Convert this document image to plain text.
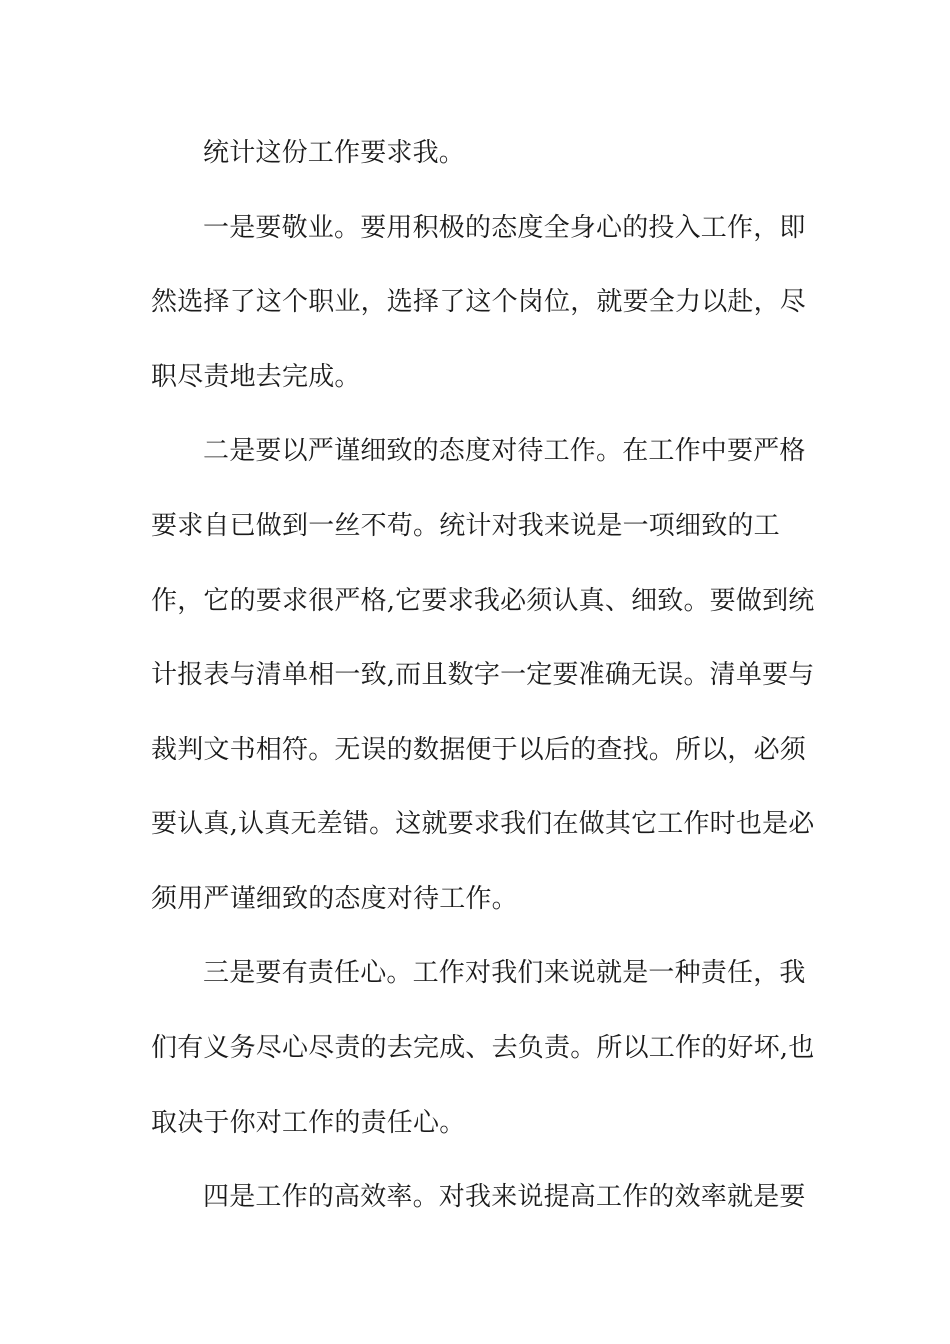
统计这份工作要求我。

一是要敬业。要用积极的态度全身心的投入工作，即

然选择了这个职业，选择了这个岗位，就要全力以赴，尽

职尽责地去完成。

二是要以严谨细致的态度对待工作。在工作中要严格

要求自已做到一丝不苟。统计对我来说是一项细致的工

作，它的要求很严格,它要求我必须认真、细致。要做到统

计报表与清单相一致,而且数字一定要准确无误。清单要与

裁判文书相符。无误的数据便于以后的查找。所以，必须

要认真,认真无差错。这就要求我们在做其它工作时也是必

须用严谨细致的态度对待工作。

三是要有责任心。工作对我们来说就是一种责任，我

们有义务尽心尽责的去完成、去负责。所以工作的好坏,也

取决于你对工作的责任心。

四是工作的高效率。对我来说提高工作的效率就是要
